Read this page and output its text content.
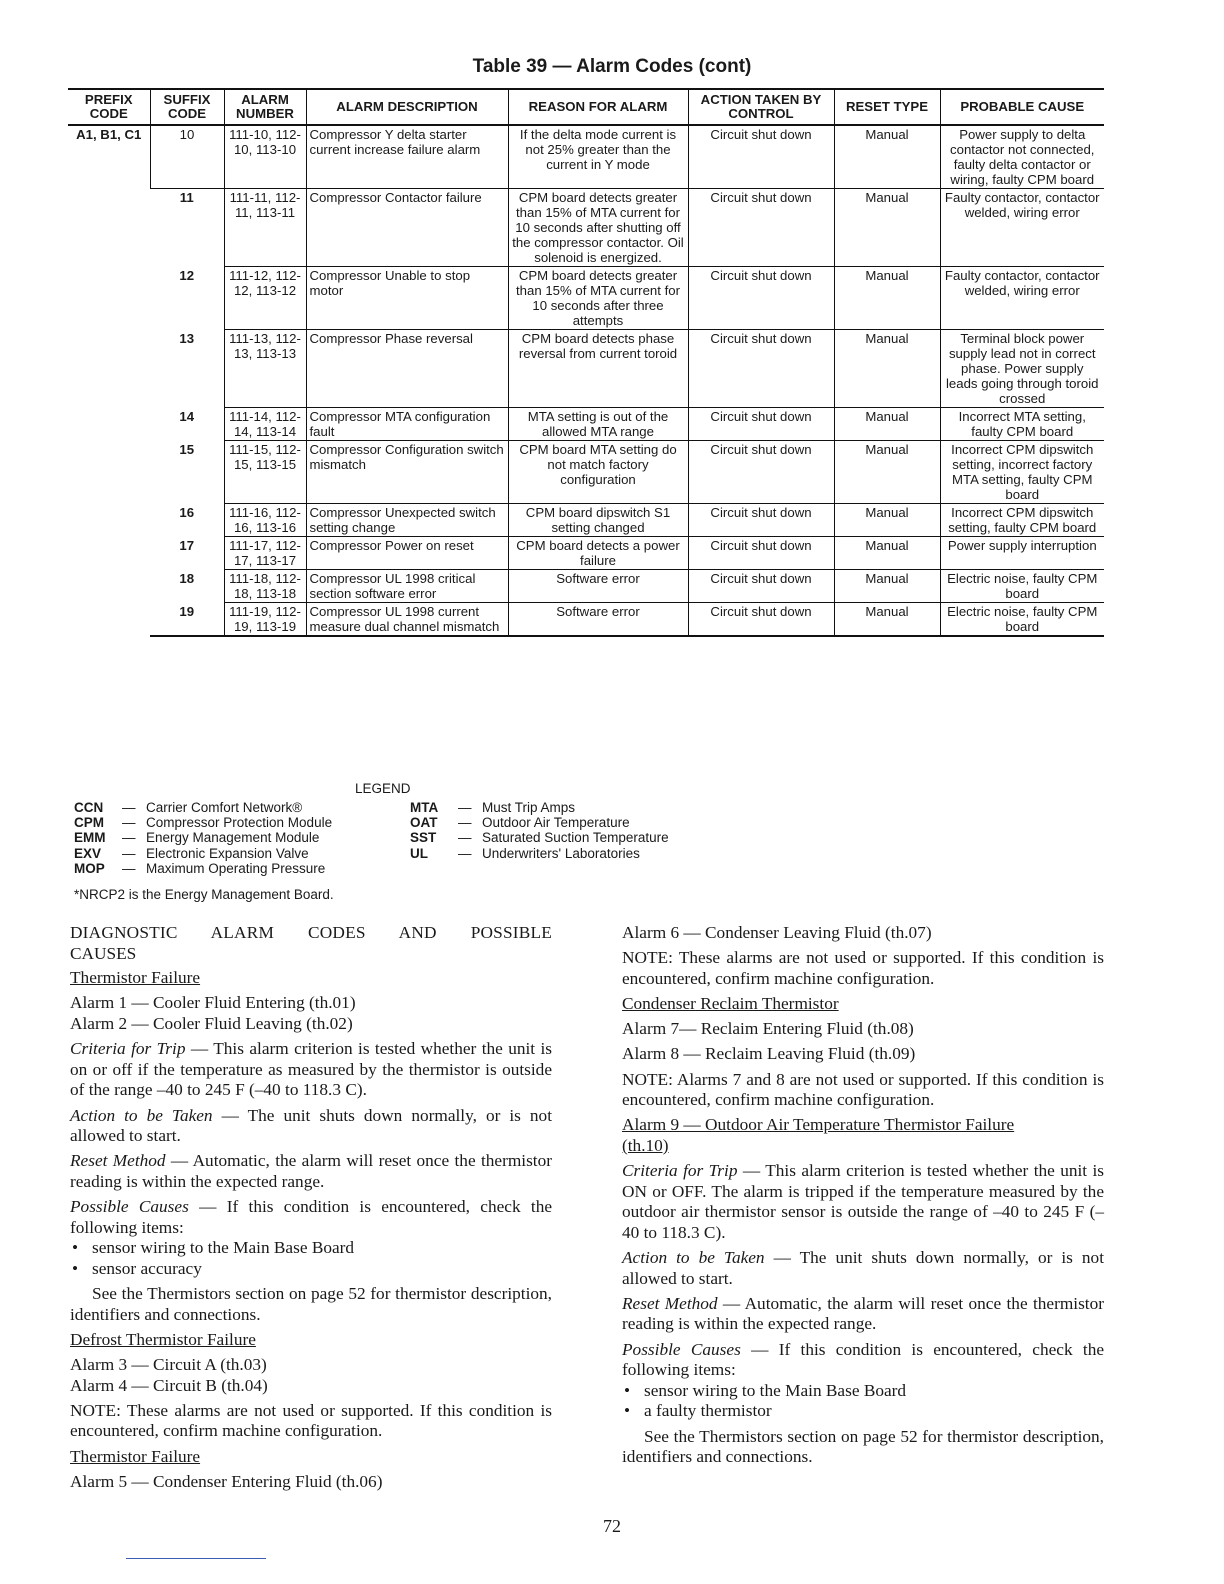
Table 39 — Alarm Codes (cont)
PREFIX CODE	SUFFIX CODE	ALARM NUMBER	ALARM DESCRIPTION	REASON FOR ALARM	ACTION TAKEN BY CONTROL	RESET TYPE	PROBABLE CAUSE
A1, B1, C1	10	111-10, 112-10, 113-10	Compressor Y delta starter current increase failure alarm	If the delta mode current is not 25% greater than the current in Y mode	Circuit shut down	Manual	Power supply to delta contactor not connected, faulty delta contactor or wiring, faulty CPM board
	11	111-11, 112-11, 113-11	Compressor Contactor failure	CPM board detects greater than 15% of MTA current for 10 seconds after shutting off the compressor contactor. Oil solenoid is energized.	Circuit shut down	Manual	Faulty contactor, contactor welded, wiring error
	12	111-12, 112-12, 113-12	Compressor Unable to stop motor	CPM board detects greater than 15% of MTA current for 10 seconds after three attempts	Circuit shut down	Manual	Faulty contactor, contactor welded, wiring error
	13	111-13, 112-13, 113-13	Compressor Phase reversal	CPM board detects phase reversal from current toroid	Circuit shut down	Manual	Terminal block power supply lead not in correct phase. Power supply leads going through toroid crossed
	14	111-14, 112-14, 113-14	Compressor MTA configuration fault	MTA setting is out of the allowed MTA range	Circuit shut down	Manual	Incorrect MTA setting, faulty CPM board
	15	111-15, 112-15, 113-15	Compressor Configuration switch mismatch	CPM board MTA setting do not match factory configuration	Circuit shut down	Manual	Incorrect CPM dipswitch setting, incorrect factory MTA setting, faulty CPM board
	16	111-16, 112-16, 113-16	Compressor Unexpected switch setting change	CPM board dipswitch S1 setting changed	Circuit shut down	Manual	Incorrect CPM dipswitch setting, faulty CPM board
	17	111-17, 112-17, 113-17	Compressor Power on reset	CPM board detects a power failure	Circuit shut down	Manual	Power supply interruption
	18	111-18, 112-18, 113-18	Compressor UL 1998 critical section software error	Software error	Circuit shut down	Manual	Electric noise, faulty CPM board
	19	111-19, 112-19, 113-19	Compressor UL 1998 current measure dual channel mismatch	Software error	Circuit shut down	Manual	Electric noise, faulty CPM board
LEGEND
CCN	— Carrier Comfort Network®
CPM	— Compressor Protection Module
EMM	— Energy Management Module
EXV	— Electronic Expansion Valve
MOP	— Maximum Operating Pressure
MTA	— Must Trip Amps
OAT	— Outdoor Air Temperature
SST	— Saturated Suction Temperature
UL	— Underwriters' Laboratories
*NRCP2 is the Energy Management Board.

DIAGNOSTIC ALARM CODES AND POSSIBLE

CAUSES

Thermistor Failure

Alarm 1 — Cooler Fluid Entering (th.01)

Alarm 2 — Cooler Fluid Leaving (th.02)

Criteria for Trip — This alarm criterion is tested whether the unit is on or off if the temperature as measured by the thermistor is outside of the range –40 to 245 F (–40 to 118.3 C).

Action to be Taken — The unit shuts down normally, or is not allowed to start.

Reset Method — Automatic, the alarm will reset once the thermistor reading is within the expected range.

Possible Causes — If this condition is encountered, check the following items:

• sensor wiring to the Main Base Board
• sensor accuracy

See the Thermistors section on page 52 for thermistor description, identifiers and connections.

Defrost Thermistor Failure

Alarm 3 — Circuit A (th.03)

Alarm 4 — Circuit B (th.04)

NOTE: These alarms are not used or supported. If this condition is encountered, confirm machine configuration.

Thermistor Failure

Alarm 5 — Condenser Entering Fluid (th.06)

Alarm 6 — Condenser Leaving Fluid (th.07)

NOTE: These alarms are not used or supported. If this condition is encountered, confirm machine configuration.

Condenser Reclaim Thermistor

Alarm 7— Reclaim Entering Fluid (th.08)

Alarm 8 — Reclaim Leaving Fluid (th.09)

NOTE: Alarms 7 and 8 are not used or supported. If this condition is encountered, confirm machine configuration.

Alarm 9 — Outdoor Air Temperature Thermistor Failure

(th.10)

Criteria for Trip — This alarm criterion is tested whether the unit is ON or OFF. The alarm is tripped if the temperature measured by the outdoor air thermistor sensor is outside the range of –40 to 245 F (–40 to 118.3 C).

Action to be Taken — The unit shuts down normally, or is not allowed to start.

Reset Method — Automatic, the alarm will reset once the thermistor reading is within the expected range.

Possible Causes — If this condition is encountered, check the following items:

• sensor wiring to the Main Base Board
• a faulty thermistor

See the Thermistors section on page 52 for thermistor description, identifiers and connections.

72
